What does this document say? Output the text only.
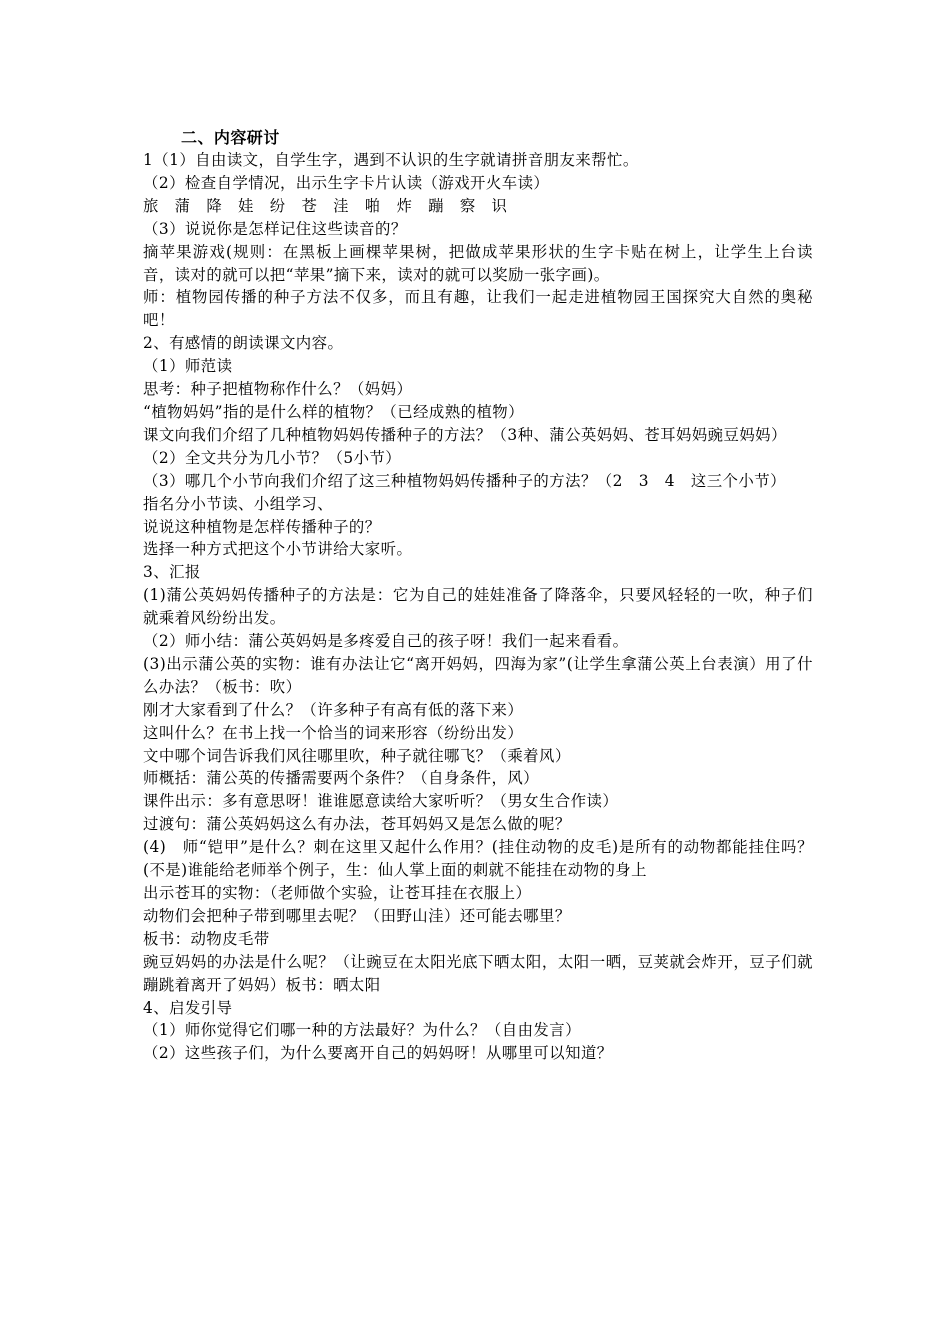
二、内容研讨
1（1）自由读文，自学生字，遇到不认识的生字就请拼音朋友来帮忙。
（2）检查自学情况，出示生字卡片认读（游戏开火车读）
旅　蒲　降　娃　纷　苍　洼　啪　炸　蹦　察　识
（3）说说你是怎样记住这些读音的？
摘苹果游戏(规则：在黑板上画棵苹果树，把做成苹果形状的生字卡贴在树上，让学生上台读音，读对的就可以把“苹果”摘下来，读对的就可以奖励一张字画)。
师：植物园传播的种子方法不仅多，而且有趣，让我们一起走进植物园王国探究大自然的奥秘吧！
2、有感情的朗读课文内容。
（1）师范读
思考：种子把植物称作什么？（妈妈）
“植物妈妈”指的是什么样的植物？（已经成熟的植物）
课文向我们介绍了几种植物妈妈传播种子的方法？（3种、蒲公英妈妈、苍耳妈妈豌豆妈妈）
（2）全文共分为几小节？（5小节）
（3）哪几个小节向我们介绍了这三种植物妈妈传播种子的方法？（2　3　4　这三个小节）
指名分小节读、小组学习、
说说这种植物是怎样传播种子的？
选择一种方式把这个小节讲给大家听。
3、汇报
(1)蒲公英妈妈传播种子的方法是：它为自己的娃娃准备了降落伞，只要风轻轻的一吹，种子们就乘着风纷纷出发。
（2）师小结：蒲公英妈妈是多疼爱自己的孩子呀！我们一起来看看。
(3)出示蒲公英的实物：谁有办法让它“离开妈妈，四海为家”(让学生拿蒲公英上台表演）用了什么办法？（板书：吹）
刚才大家看到了什么？（许多种子有高有低的落下来）
这叫什么？在书上找一个恰当的词来形容（纷纷出发）
文中哪个词告诉我们风往哪里吹，种子就往哪飞？（乘着风）
师概括：蒲公英的传播需要两个条件？（自身条件，风）
课件出示：多有意思呀！谁谁愿意读给大家听听？（男女生合作读）
过渡句：蒲公英妈妈这么有办法，苍耳妈妈又是怎么做的呢？
(4)　师“铠甲”是什么？刺在这里又起什么作用？(挂住动物的皮毛)是所有的动物都能挂住吗？(不是)谁能给老师举个例子，生：仙人掌上面的刺就不能挂在动物的身上
出示苍耳的实物：（老师做个实验，让苍耳挂在衣服上）
动物们会把种子带到哪里去呢？（田野山洼）还可能去哪里？
板书：动物皮毛带
豌豆妈妈的办法是什么呢？（让豌豆在太阳光底下晒太阳，太阳一晒，豆荚就会炸开，豆子们就蹦跳着离开了妈妈）板书：晒太阳
4、启发引导
（1）师你觉得它们哪一种的方法最好？为什么？（自由发言）
（2）这些孩子们，为什么要离开自己的妈妈呀！从哪里可以知道？
